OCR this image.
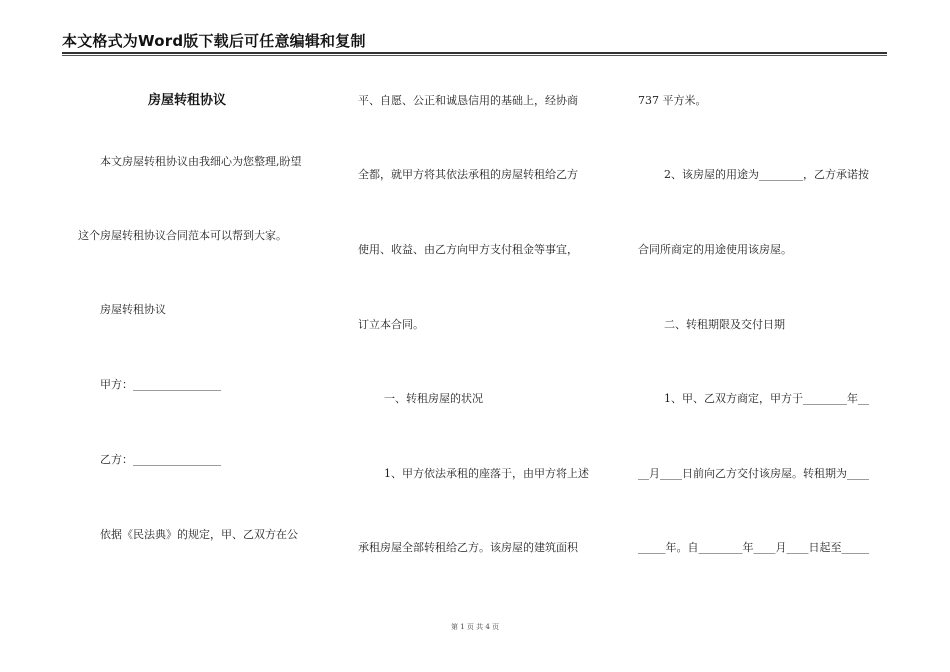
本文格式为Word版下载后可任意编辑和复制
房屋转租协议
本文房屋转租协议由我细心为您整理,盼望
这个房屋转租协议合同范本可以帮到大家。
房屋转租协议
甲方：________________
乙方：________________
依据《民法典》的规定，甲、乙双方在公
平、自愿、公正和诚恳信用的基础上，经协商
全都，就甲方将其依法承租的房屋转租给乙方
使用、收益、由乙方向甲方支付租金等事宜，
订立本合同。
一、转租房屋的状况
1、甲方依法承租的座落于，由甲方将上述
承租房屋全部转租给乙方。该房屋的建筑面积
737 平方米。
2、该房屋的用途为________，乙方承诺按
合同所商定的用途使用该房屋。
二、转租期限及交付日期
1、甲、乙双方商定，甲方于________年__
__月____日前向乙方交付该房屋。转租期为____
_____年。自________年____月____日起至_____
第 1 页 共 4 页
